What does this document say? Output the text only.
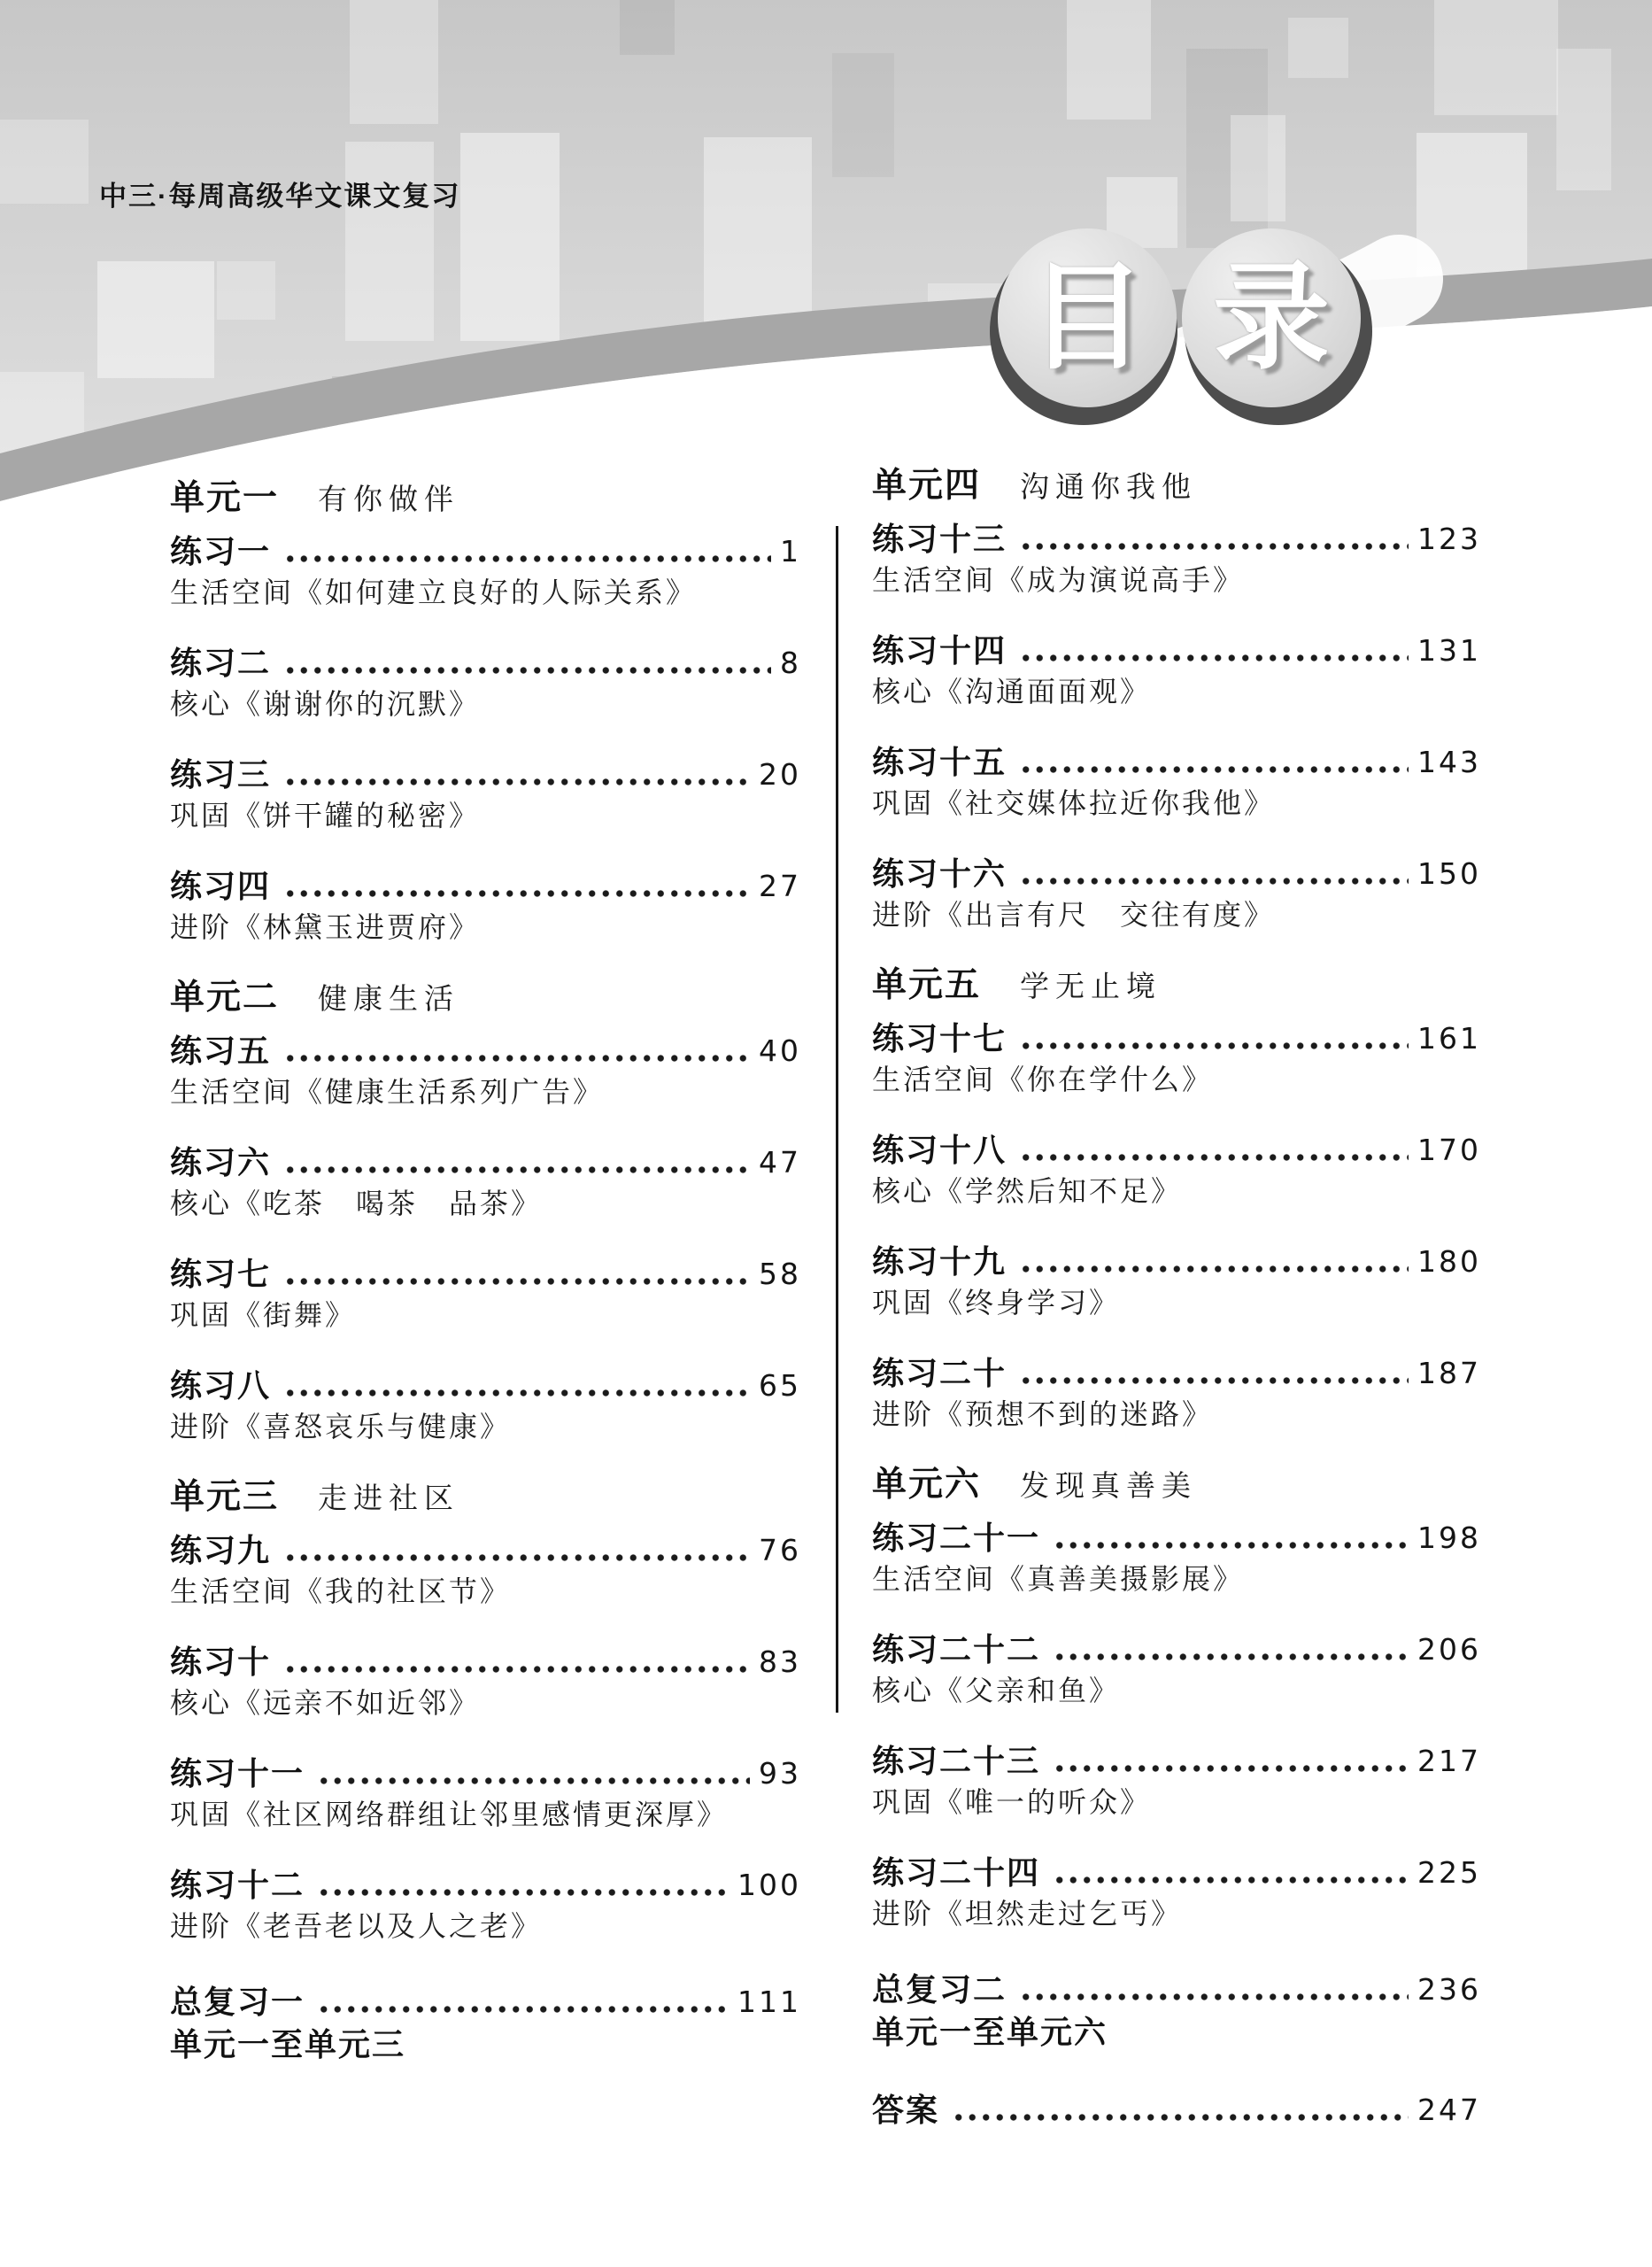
目 录
中三·每周高级华文课文复习
单元一 有你做伴
练习一	1
生活空间《如何建立良好的人际关系》
练习二	8
核心《谢谢你的沉默》
练习三	20
巩固《饼干罐的秘密》
练习四	27
进阶《林黛玉进贾府》
单元二 健康生活
练习五	40
生活空间《健康生活系列广告》
练习六	47
核心《吃茶　喝茶　品茶》
练习七	58
巩固《街舞》
练习八	65
进阶《喜怒哀乐与健康》
单元三 走进社区
练习九	76
生活空间《我的社区节》
练习十	83
核心《远亲不如近邻》
练习十一	93
巩固《社区网络群组让邻里感情更深厚》
练习十二	100
进阶《老吾老以及人之老》
总复习一	111
单元一至单元三
单元四 沟通你我他
练习十三	123
生活空间《成为演说高手》
练习十四	131
核心《沟通面面观》
练习十五	143
巩固《社交媒体拉近你我他》
练习十六	150
进阶《出言有尺　交往有度》
单元五 学无止境
练习十七	161
生活空间《你在学什么》
练习十八	170
核心《学然后知不足》
练习十九	180
巩固《终身学习》
练习二十	187
进阶《预想不到的迷路》
单元六 发现真善美
练习二十一	198
生活空间《真善美摄影展》
练习二十二	206
核心《父亲和鱼》
练习二十三	217
巩固《唯一的听众》
练习二十四	225
进阶《坦然走过乞丐》
总复习二	236
单元一至单元六
答案	247
